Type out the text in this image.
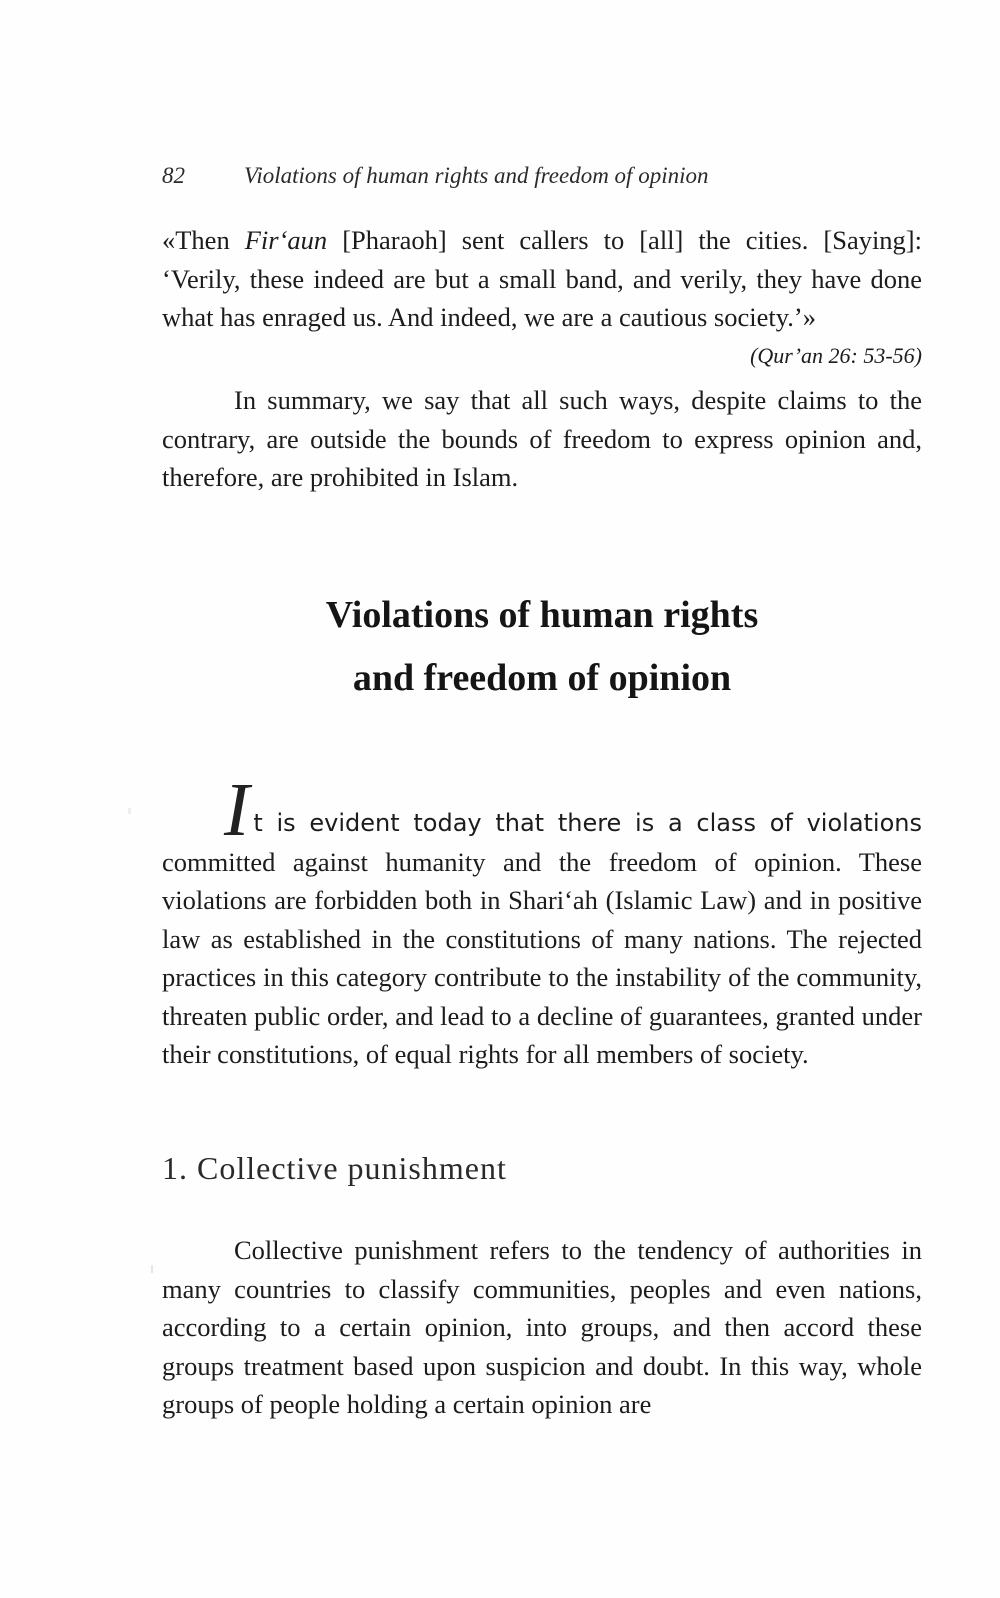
82	Violations of human rights and freedom of opinion
«Then Fir‘aun [Pharaoh] sent callers to [all] the cities. [Saying]: ‘Verily, these indeed are but a small band, and verily, they have done what has enraged us. And indeed, we are a cautious society.’»
(Qur’an 26: 53-56)
In summary, we say that all such ways, despite claims to the contrary, are outside the bounds of freedom to express opinion and, therefore, are prohibited in Islam.
Violations of human rights
and freedom of opinion
It is evident today that there is a class of violations committed against humanity and the freedom of opinion. These violations are forbidden both in Shari‘ah (Islamic Law) and in positive law as established in the constitutions of many nations. The rejected practices in this category contribute to the instability of the community, threaten public order, and lead to a decline of guarantees, granted under their constitutions, of equal rights for all members of society.
1. Collective punishment
Collective punishment refers to the tendency of authorities in many countries to classify communities, peoples and even nations, according to a certain opinion, into groups, and then accord these groups treatment based upon suspicion and doubt. In this way, whole groups of people holding a certain opinion are
